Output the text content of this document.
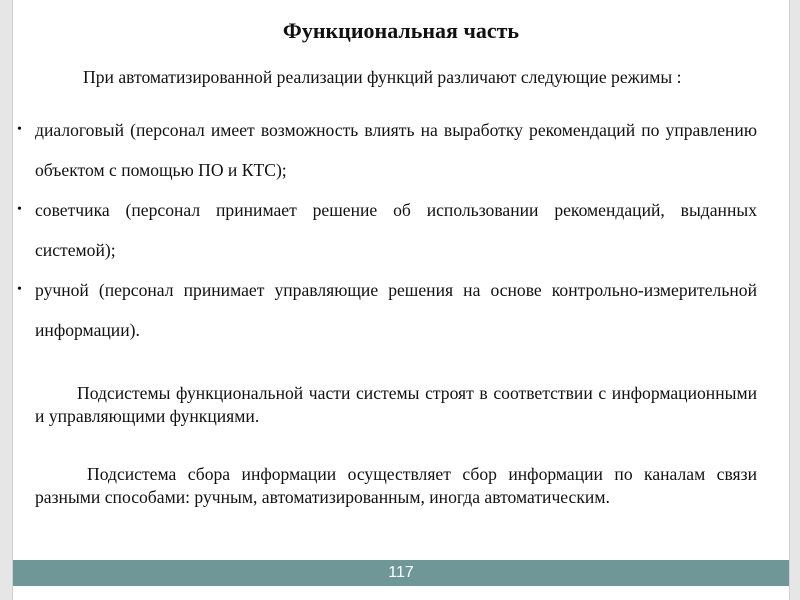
Функциональная часть
При автоматизированной реализации функций различают следующие режимы :
• диалоговый (персонал имеет возможность влиять на выработку рекомендаций по управлению объектом с помощью ПО и КТС);
• советчика (персонал принимает решение об использовании рекомендаций, выданных системой);
• ручной (персонал принимает управляющие решения на основе контрольно-измерительной информации).
Подсистемы функциональной части системы строят в соответствии с информационными и управляющими функциями.
Подсистема сбора информации осуществляет сбор информации по каналам связи разными способами: ручным, автоматизированным, иногда автоматическим.
117
